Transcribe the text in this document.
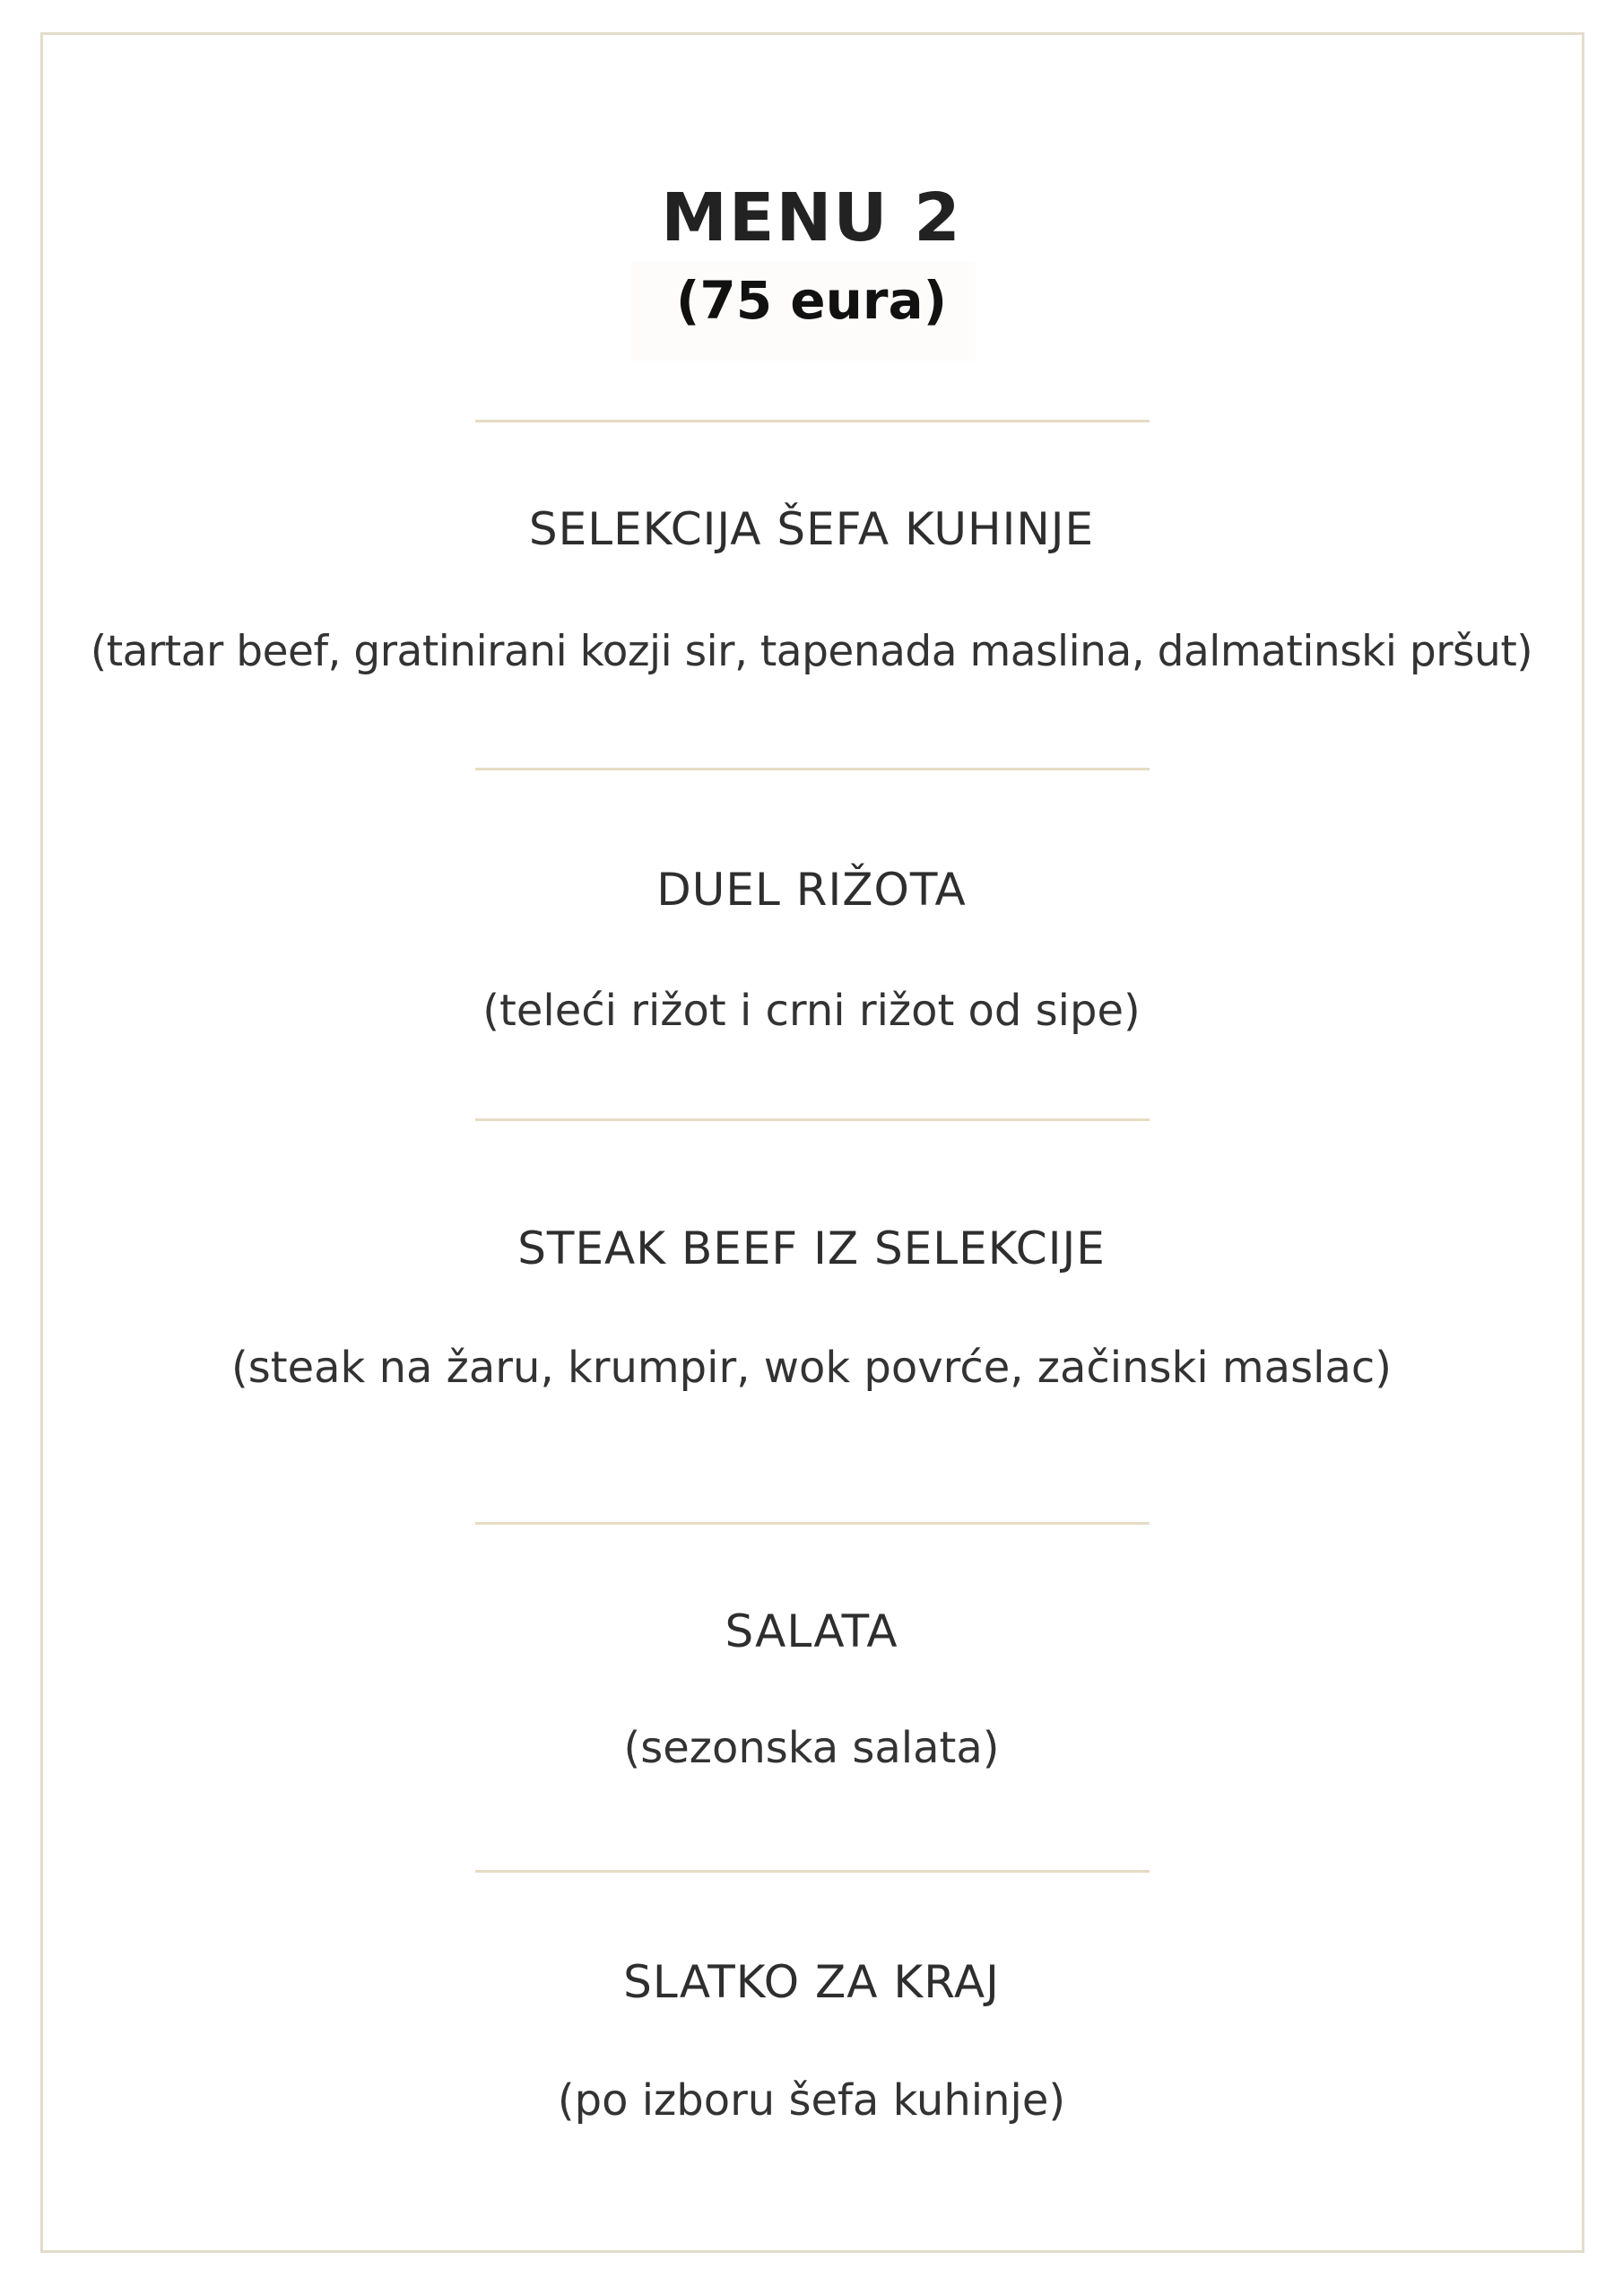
MENU 2
(75 eura)
SELEKCIJA ŠEFA KUHINJE
(tartar beef, gratinirani kozji sir, tapenada maslina, dalmatinski pršut)
DUEL RIŽOTA
(teleći rižot i crni rižot od sipe)
STEAK BEEF IZ SELEKCIJE
(steak na žaru, krumpir, wok povrće, začinski maslac)
SALATA
(sezonska salata)
SLATKO ZA KRAJ
(po izboru šefa kuhinje)
